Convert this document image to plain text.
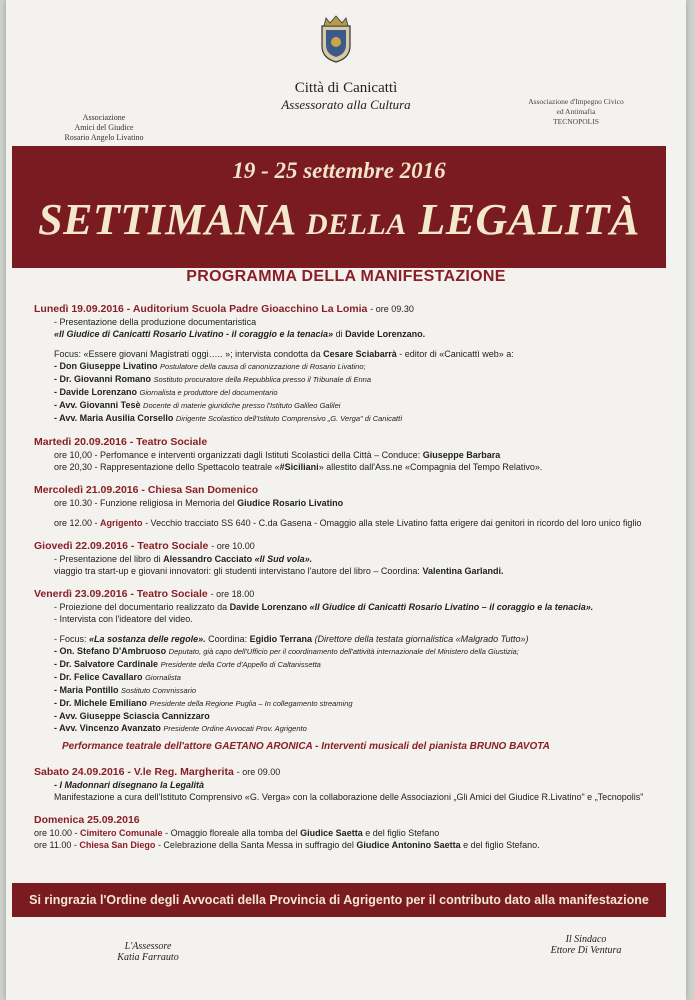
Città di Canicattì
Assessorato alla Cultura
Associazione
Amici del Giudice
Rosario Angelo Livatino
Associazione d'Impegno Civico
ed Antimafia
TECNOPOLIS
19 - 25 settembre 2016
SETTIMANA DELLA LEGALITÀ
PROGRAMMA DELLA MANIFESTAZIONE
Lunedì 19.09.2016 - Auditorium Scuola Padre Gioacchino La Lomia - ore 09.30
- Presentazione della produzione documentaristica
«Il Giudice di Canicattì Rosario Livatino - il coraggio e la tenacia» di Davide Lorenzano.
Focus: «Essere giovani Magistrati oggi….. »; intervista condotta da Cesare Sciabarrà - editor di «Canicattì web» a:
- Don Giuseppe Livatino Postulatore della causa di canonizzazione di Rosario Livatino;
- Dr. Giovanni Romano Sostituto procuratore della Repubblica presso il Tribunale di Enna
- Davide Lorenzano Giornalista e produttore del documentario
- Avv. Giovanni Tesè Docente di materie giuridiche presso l'Istituto Galileo Galilei
- Avv. Maria Ausilia Corsello Dirigente Scolastico dell'Istituto Comprensivo „G. Verga" di Canicattì
Martedì 20.09.2016 - Teatro Sociale
ore 10,00 - Perfomance e interventi organizzati dagli Istituti Scolastici della Città – Conduce: Giuseppe Barbara
ore 20,30 - Rappresentazione dello Spettacolo teatrale «#Siciliani» allestito dall'Ass.ne «Compagnia del Tempo Relativo».
Mercoledì 21.09.2016 - Chiesa San Domenico
ore 10.30 - Funzione religiosa in Memoria del Giudice Rosario Livatino
ore 12.00 - Agrigento - Vecchio tracciato SS 640 - C.da Gasena - Omaggio alla stele Livatino fatta erigere dai genitori in ricordo del loro unico figlio
Giovedì 22.09.2016 - Teatro Sociale - ore 10.00
- Presentazione del libro di Alessandro Cacciato «Il Sud vola».
viaggio tra start-up e giovani innovatori: gli studenti intervistano l'autore del libro – Coordina: Valentina Garlandi.
Venerdì 23.09.2016 - Teatro Sociale - ore 18.00
- Proiezione del documentario realizzato da Davide Lorenzano «Il Giudice di Canicattì Rosario Livatino – il coraggio e la tenacia».
- Intervista con l'ideatore del video.
- Focus: «La sostanza delle regole». Coordina: Egidio Terrana (Direttore della testata giornalistica «Malgrado Tutto»)
- On. Stefano D'Ambruoso Deputato, già capo dell'Ufficio per il coordinamento dell'attività internazionale del Ministero della Giustizia;
- Dr. Salvatore Cardinale Presidente della Corte d'Appello di Caltanissetta
- Dr. Felice Cavallaro Giornalista
- Maria Pontillo Sostituto Commissario
- Dr. Michele Emiliano Presidente della Regione Puglia – In collegamento streaming
- Avv. Giuseppe Sciascia Cannizzaro
- Avv. Vincenzo Avanzato Presidente Ordine Avvocati Prov. Agrigento
Performance teatrale dell'attore GAETANO ARONICA - Interventi musicali del pianista BRUNO BAVOTA
Sabato 24.09.2016 - V.le Reg. Margherita - ore 09.00
- I Madonnari disegnano la Legalità
Manifestazione a cura dell'Istituto Comprensivo «G. Verga» con la collaborazione delle Associazioni „Gli Amici del Giudice R.Livatino" e „Tecnopolis"
Domenica 25.09.2016
ore 10.00 - Cimitero Comunale - Omaggio floreale alla tomba del Giudice Saetta e del figlio Stefano
ore 11.00 - Chiesa San Diego - Celebrazione della Santa Messa in suffragio del Giudice Antonino Saetta e del figlio Stefano.
Si ringrazia l'Ordine degli Avvocati della Provincia di Agrigento per il contributo dato alla manifestazione
L'Assessore
Katia Farrauto
Il Sindaco
Ettore Di Ventura
